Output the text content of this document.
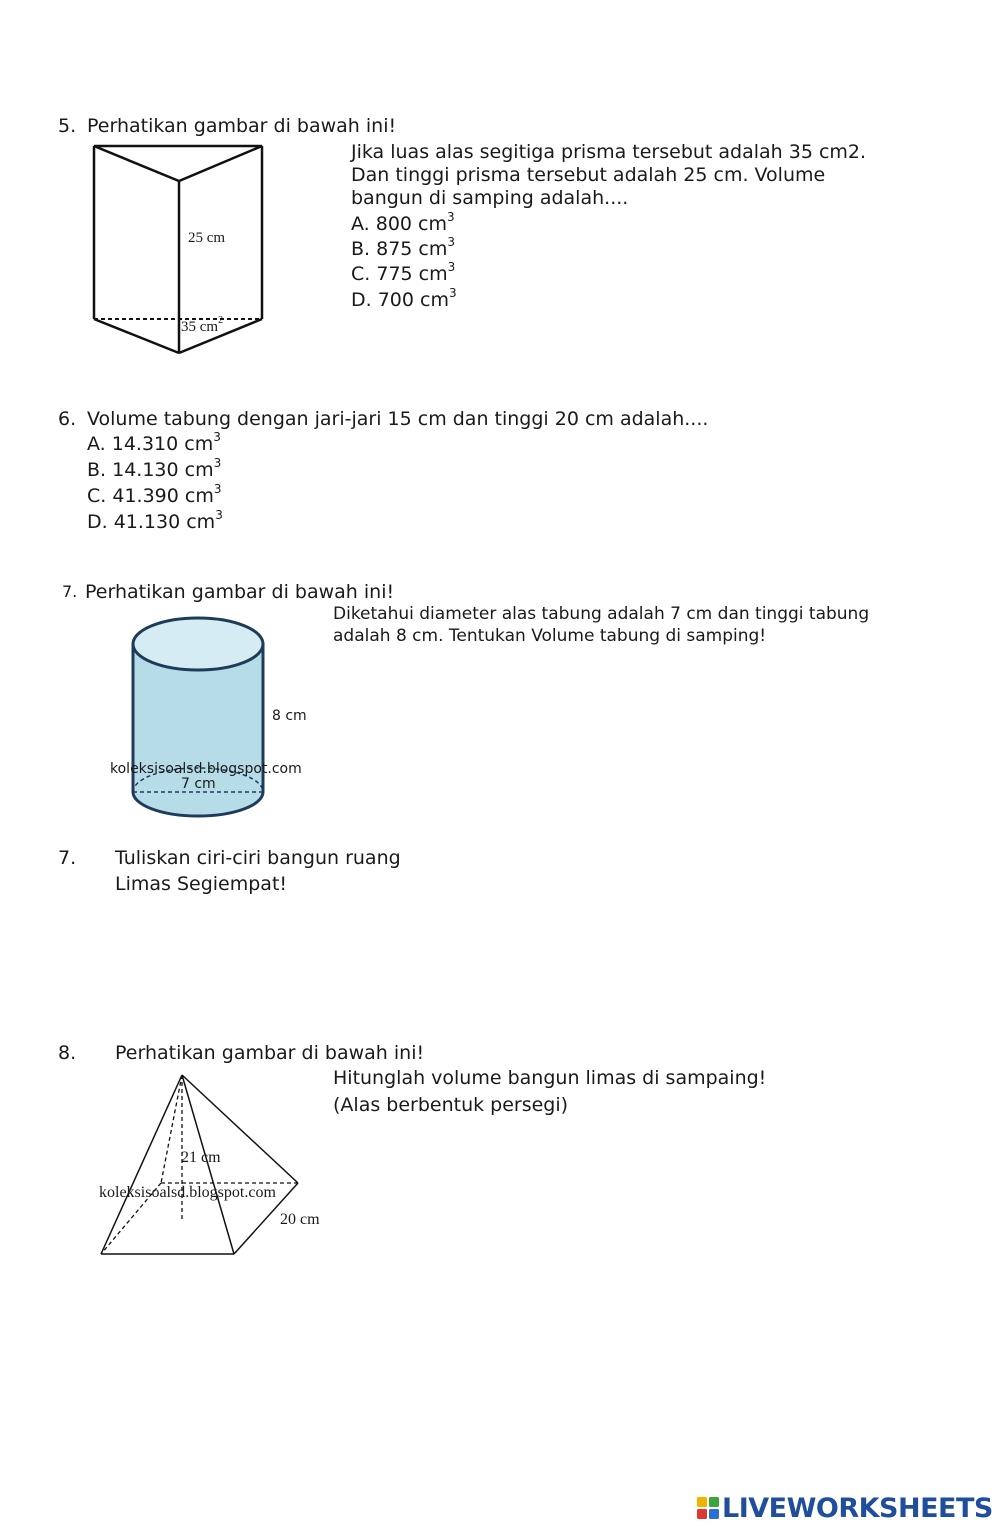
5. Perhatikan gambar di bawah ini!
25 cm
35 $cm^2$
Jika luas alas segitiga prisma tersebut adalah 35 cm2.
Dan tinggi prisma tersebut adalah 25 cm. Volume
bangun di samping adalah....
A. 800 $cm^3$
B. 875 $cm^3$
C. 775 $cm^3$
D. 700 $cm^3$
6. Volume tabung dengan jari-jari 15 cm dan tinggi 20 cm adalah....
A. 14.310 $cm^3$
B. 14.130 $cm^3$
C. 41.390 $cm^3$
D. 41.130 $cm^3$
7. Perhatikan gambar di bawah ini!
Diketahui diameter alas tabung adalah 7 cm dan tinggi tabung
adalah 8 cm. Tentukan Volume tabung di samping!
8 cm
koleksisoalsd.blogspot.com
7 cm
7. Tuliskan ciri-ciri bangun ruang
Limas Segiempat!
8. Perhatikan gambar di bawah ini!
Hitunglah volume bangun limas di sampaing!
(Alas berbentuk persegi)
21 cm
koleksisoalsd.blogspot.com
20 cm
LIVEWORKSHEETS
